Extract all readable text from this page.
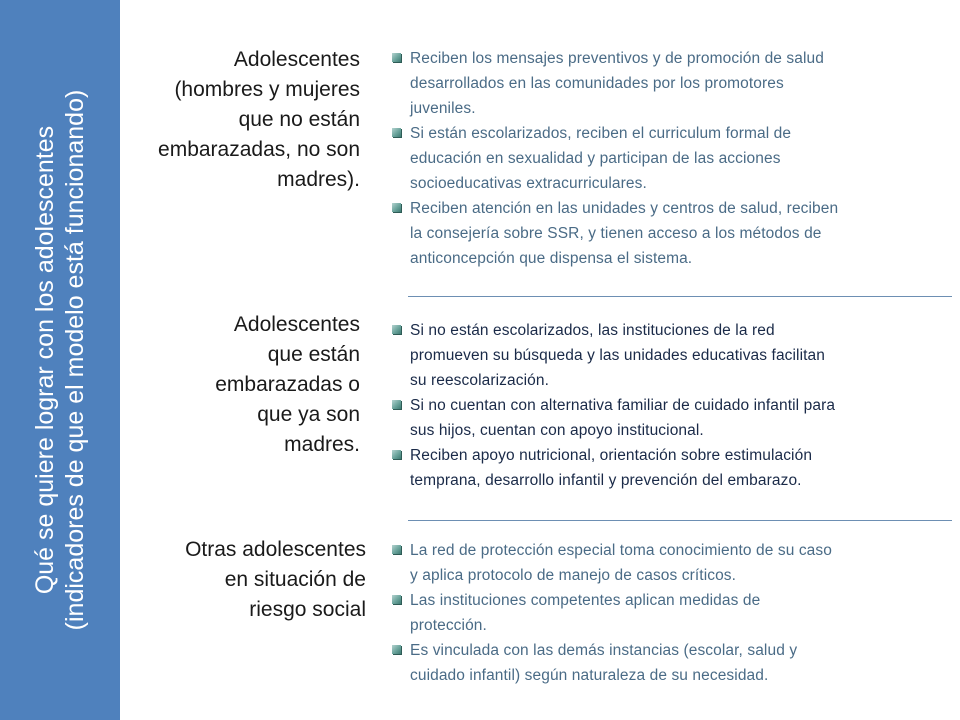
Qué se quiere lograr con los adolescentes (indicadores de que el modelo está funcionando)
Adolescentes
(hombres y mujeres
que no están
embarazadas, no son
madres).
Reciben los mensajes preventivos y de promoción de salud
desarrollados en las comunidades por los promotores
juveniles.
Si están escolarizados, reciben el curriculum formal de
educación en sexualidad y participan de las acciones
socioeducativas extracurriculares.
Reciben atención en las unidades y centros de salud, reciben
la consejería sobre SSR, y tienen acceso a los métodos de
anticoncepción que dispensa el sistema.
Adolescentes
que están
embarazadas o
que ya son
madres.
Si no están escolarizados, las instituciones de la red
promueven su búsqueda y las unidades educativas facilitan
su reescolarización.
Si no cuentan con alternativa familiar de cuidado infantil para
sus hijos, cuentan con apoyo institucional.
Reciben apoyo nutricional, orientación sobre estimulación
temprana, desarrollo infantil y prevención del embarazo.
Otras adolescentes
en situación de
riesgo social
La red de protección especial toma conocimiento de su caso
y aplica protocolo de manejo de casos críticos.
Las instituciones competentes aplican medidas de
protección.
Es vinculada con las demás instancias (escolar, salud y
cuidado infantil) según naturaleza de su necesidad.
